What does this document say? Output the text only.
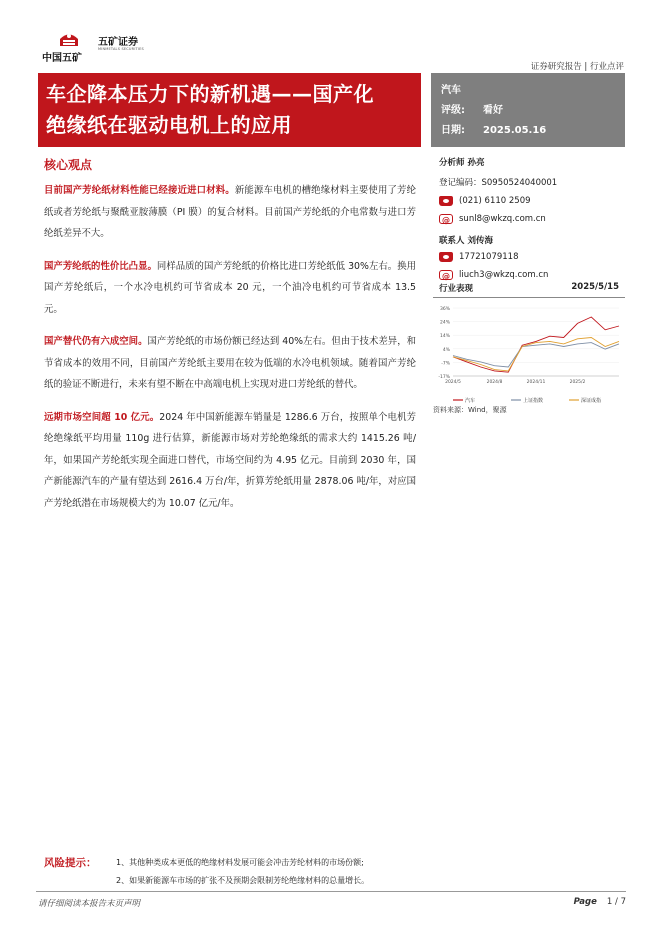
中国五矿
五矿证券
MINMETALS SECURITIES
证券研究报告 | 行业点评
车企降本压力下的新机遇——国产化
绝缘纸在驱动电机上的应用
汽车
评级: 看好
日期: 2025.05.16
核心观点

目前国产芳纶纸材料性能已经接近进口材料。新能源车电机的槽绝缘材料主要使用了芳纶纸或者芳纶纸与聚酰亚胺薄膜（PI 膜）的复合材料。目前国产芳纶纸的介电常数与进口芳纶纸差异不大。

国产芳纶纸的性价比凸显。同样品质的国产芳纶纸的价格比进口芳纶纸低 30%左右。换用国产芳纶纸后，一个水冷电机约可节省成本 20 元，一个油冷电机约可节省成本 13.5 元。

国产替代仍有六成空间。国产芳纶纸的市场份额已经达到 40%左右。但由于技术差异，和节省成本的效用不同，目前国产芳纶纸主要用在较为低端的水冷电机领域。随着国产芳纶纸的验证不断进行，未来有望不断在中高端电机上实现对进口芳纶纸的替代。

远期市场空间超 10 亿元。2024 年中国新能源车销量是 1286.6 万台，按照单个电机芳纶绝缘纸平均用量 110g 进行估算，新能源市场对芳纶绝缘纸的需求大约 1415.26 吨/年，如果国产芳纶纸实现全面进口替代，市场空间约为 4.95 亿元。目前到 2030 年，国产新能源汽车的产量有望达到 2616.4 万台/年，折算芳纶纸用量 2878.06 吨/年，对应国产芳纶纸潜在市场规模大约为 10.07 亿元/年。

分析师 孙亮
登记编码：S0950524040001
(021) 6110 2509
@
sunl8@wkzq.com.cn
联系人 刘传海
17721079118
@
liuch3@wkzq.com.cn
行业表现	2025/5/15
36%
24%
14%
4%
-7%
-17%
2024/5	2024/8	2024/11	2025/2
汽车	上证指数	深证成指
资料来源：Wind，聚源
风险提示： 1、其他种类成本更低的绝缘材料发展可能会冲击芳纶材料的市场份额;
2、如果新能源车市场的扩张不及预期会限制芳纶绝缘材料的总量增长。
请仔细阅读本报告末页声明	Page 1 / 7
